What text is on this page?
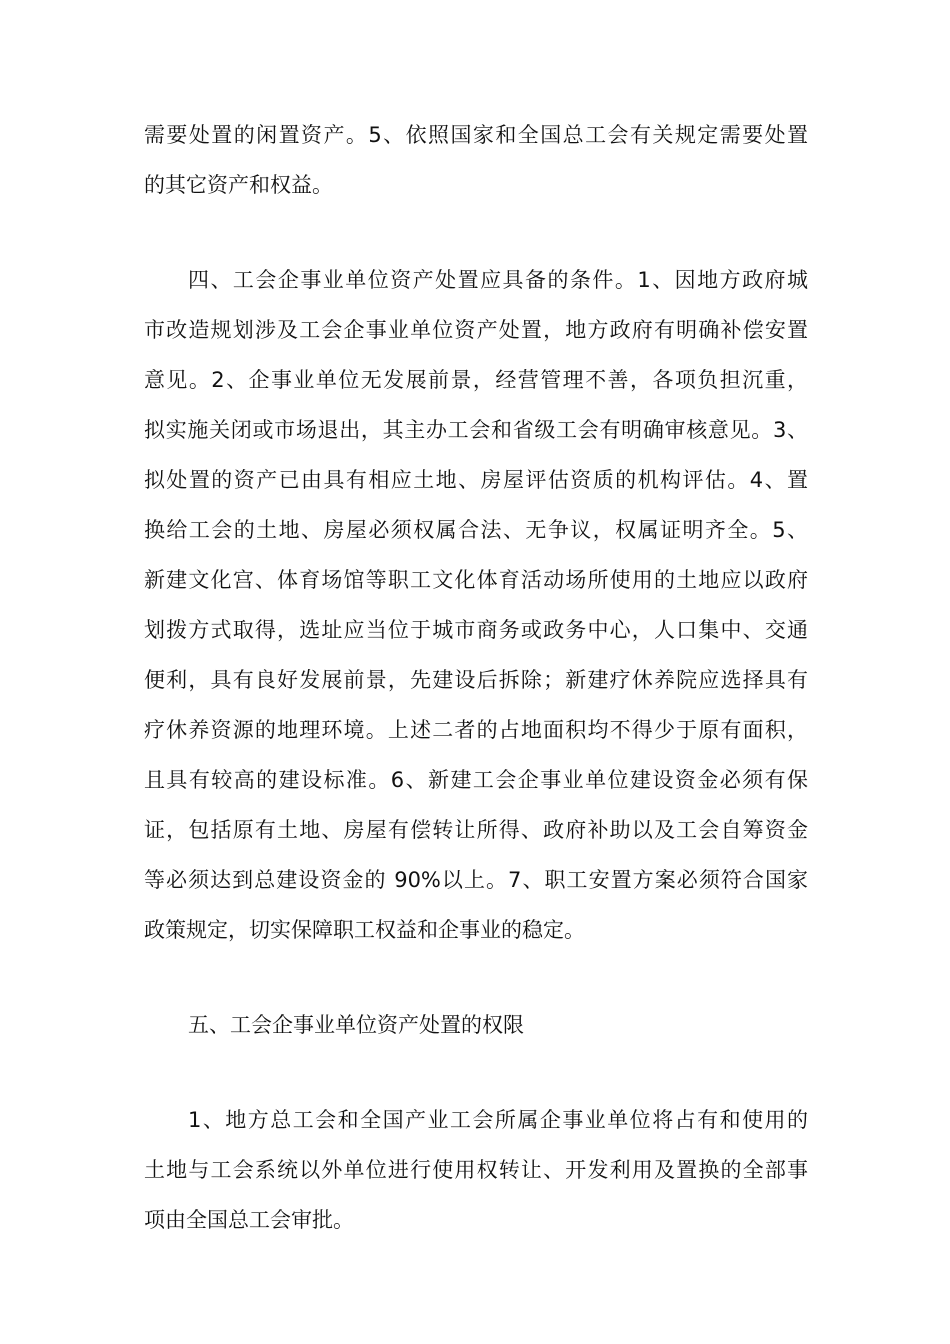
需要处置的闲置资产。5、依照国家和全国总工会有关规定需要处置
的其它资产和权益。
四、工会企事业单位资产处置应具备的条件。1、因地方政府城
市改造规划涉及工会企事业单位资产处置，地方政府有明确补偿安置
意见。2、企事业单位无发展前景，经营管理不善，各项负担沉重，
拟实施关闭或市场退出，其主办工会和省级工会有明确审核意见。3、
拟处置的资产已由具有相应土地、房屋评估资质的机构评估。4、置
换给工会的土地、房屋必须权属合法、无争议，权属证明齐全。5、
新建文化宫、体育场馆等职工文化体育活动场所使用的土地应以政府
划拨方式取得，选址应当位于城市商务或政务中心，人口集中、交通
便利，具有良好发展前景，先建设后拆除；新建疗休养院应选择具有
疗休养资源的地理环境。上述二者的占地面积均不得少于原有面积，
且具有较高的建设标准。6、新建工会企事业单位建设资金必须有保
证，包括原有土地、房屋有偿转让所得、政府补助以及工会自筹资金
等必须达到总建设资金的 90%以上。7、职工安置方案必须符合国家
政策规定，切实保障职工权益和企事业的稳定。
五、工会企事业单位资产处置的权限
1、地方总工会和全国产业工会所属企事业单位将占有和使用的
土地与工会系统以外单位进行使用权转让、开发利用及置换的全部事
项由全国总工会审批。
